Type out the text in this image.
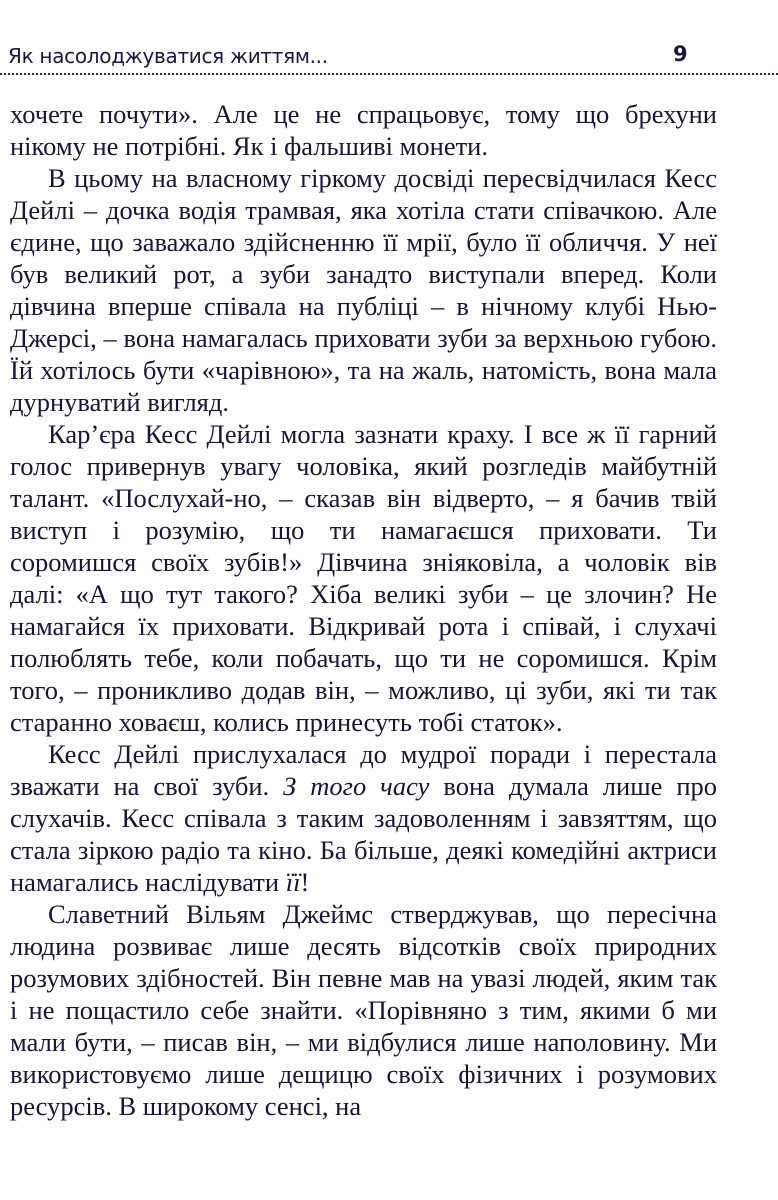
Як насолоджуватися життям...	9

хочете почути». Але це не спрацьовує, тому що брехуни нікому не потрібні. Як і фальшиві монети.

В цьому на власному гіркому досвіді пересвідчилася Кесс Дейлі – дочка водія трамвая, яка хотіла стати співачкою. Але єдине, що заважало здійсненню її мрії, було її обличчя. У неї був великий рот, а зуби занадто виступали вперед. Коли дівчина вперше співала на публіці – в нічному клубі Нью-Джерсі, – вона намагалась приховати зуби за верхньою губою. Їй хотілось бути «чарівною», та на жаль, натомість, вона мала дурнуватий вигляд.

Кар’єра Кесс Дейлі могла зазнати краху. І все ж її гарний голос привернув увагу чоловіка, який розгледів майбутній талант. «Послухай-но, – сказав він відверто, – я бачив твій виступ і розумію, що ти намагаєшся приховати. Ти соромишся своїх зубів!» Дівчина зніяковіла, а чоловік вів далі: «А що тут такого? Хіба великі зуби – це злочин? Не намагайся їх приховати. Відкривай рота і співай, і слухачі полюблять тебе, коли побачать, що ти не соромишся. Крім того, – проникливо додав він, – можливо, ці зуби, які ти так старанно ховаєш, колись принесуть тобі статок».

Кесс Дейлі прислухалася до мудрої поради і перестала зважати на свої зуби. З того часу вона думала лише про слухачів. Кесс співала з таким задоволенням і завзяттям, що стала зіркою радіо та кіно. Ба більше, деякі комедійні актриси намагались наслідувати її!

Славетний Вільям Джеймс стверджував, що пересічна людина розвиває лише десять відсотків своїх природних розумових здібностей. Він певне мав на увазі людей, яким так і не пощастило себе знайти. «Порівняно з тим, якими б ми мали бути, – писав він, – ми відбулися лише наполовину. Ми використовуємо лише дещицю своїх фізичних і розумових ресурсів. В широкому сенсі, на
